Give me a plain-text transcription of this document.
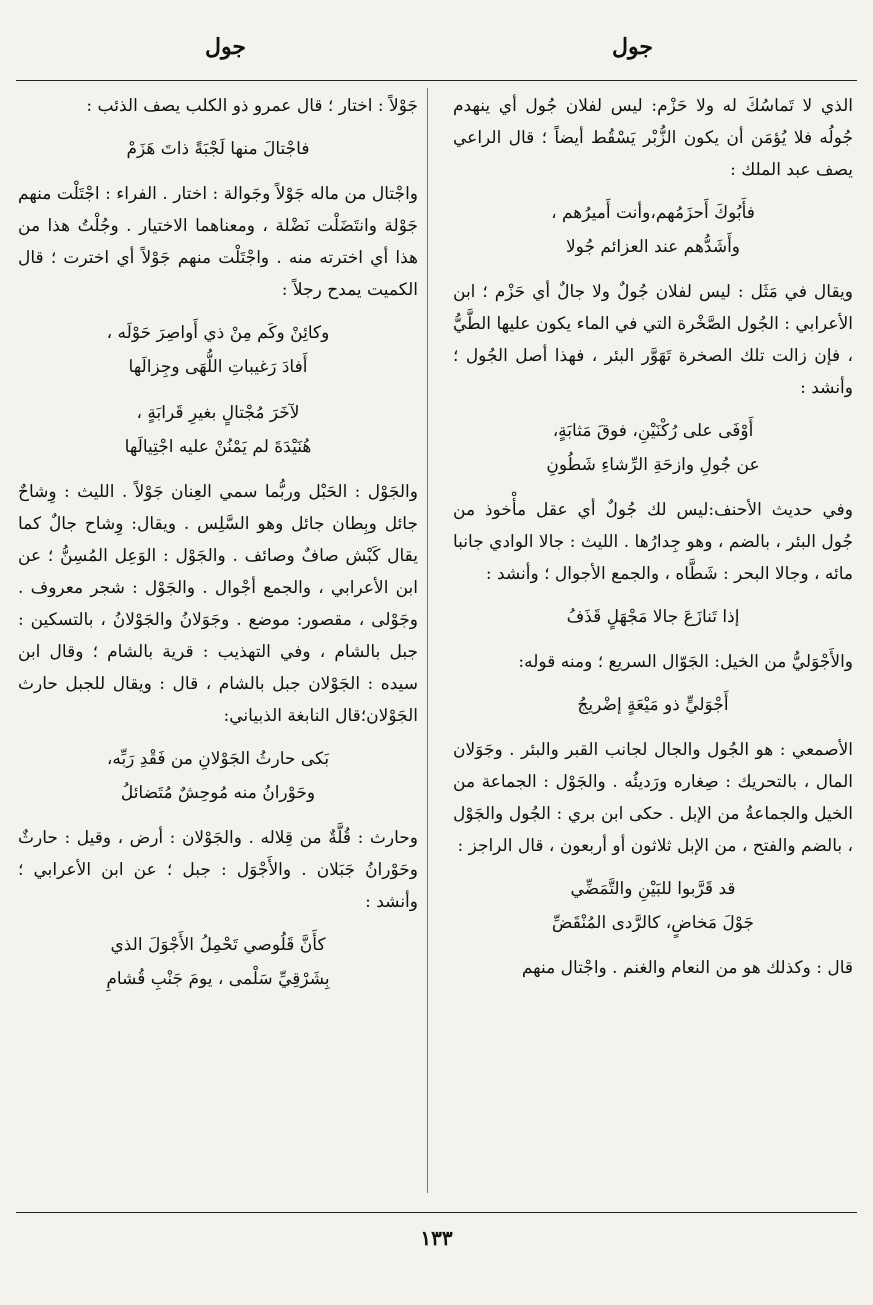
جول
جول

الذي لا تَماسُكَ له ولا حَزْم: ليس لفلان جُول أي ينهدم جُولُه فلا يُؤمَن أن يكون الزُّبْر يَسْقُط أيضاً ؛ قال الراعي يصف عبد الملك :

فأَبُوكَ أَحزَمُهم،وأنت أَميرُهم ،
وأَشَدُّهم عند العزائم جُولا

ويقال في مَثَل : ليس لفلان جُولٌ ولا جالٌ أي حَزْم ؛ ابن الأعرابي : الجُول الصَّخْرة التي في الماء يكون عليها الطَّيُّ ، فإن زالت تلك الصخرة تَهَوَّر البئر ، فهذا أصل الجُول ؛ وأنشد :

أَوْفَى على رُكْنَيْنِ، فوقَ مَثابَةٍ،
عن جُولِ وازحَةِ الرِّشاءِ شَطُونِ

وفي حديث الأحنف:ليس لك جُولٌ أي عقل مأْخوذ من جُول البئر ، بالضم ، وهو جِدارُها . الليث : جالا الوادي جانبا مائه ، وجالا البحر : شَطَّاه ، والجمع الأجوال ؛ وأنشد :

إذا تَنازَعَ جالا مَجْهَلٍ قَذَفُ

والأَجْوَليُّ من الخيل: الجَوّال السريع ؛ ومنه قوله:

أَجْوَليٍّ ذو مَيْعَةٍ إضْريجُ

الأصمعي : هو الجُول والجال لجانب القبر والبئر . وجَوَلان المال ، بالتحريك : صِغاره ورَديئُه . والجَوْل : الجماعة من الخيل والجماعةُ من الإبل . حكى ابن بري : الجُول والجَوْل ، بالضم والفتح ، من الإبل ثلاثون أو أربعون ، قال الراجز :

قد قَرَّبوا للبَيْنِ والتَّمَضِّي
جَوْلَ مَخاضٍ، كالرَّدى المُنْقَضِّ

قال : وكذلك هو من النعام والغنم . واجْتال منهم

جَوْلاً : اختار ؛ قال عمرو ذو الكلب يصف الذئب :

فاجْتالَ منها لَجْبَةً ذاتَ هَزَمْ

واجْتال من ماله جَوْلاً وجَوالة : اختار . الفراء : اجْتَلْت منهم جَوْلة وانتَضَلْت نَضْلة ، ومعناهما الاختيار . وجُلْتُ هذا من هذا أي اخترته منه . واجْتَلْت منهم جَوْلاً أي اخترت ؛ قال الكميت يمدح رجلاً :

وكائِنْ وكَم مِنْ ذي أَواصِرَ حَوْلَه ،
أَفادَ رَغيباتِ اللُّهَى وجِزالَها
لآخَرَ مُجْتالٍ بغيرِ قَرابَةٍ ،
هُنَيْدَةَ لم يَمْنُنْ عليه اجْتِيالَها

والجَوْل : الحَبْل وربُّما سمي العِنان جَوْلاً . الليث : وِشاحٌ جائل وبِطان جائل وهو السَّلِس . ويقال: وِشاح جالٌ كما يقال كَبْش صافٌ وصائف . والجَوْل : الوَعِل المُسِنُّ ؛ عن ابن الأعرابي ، والجمع أجْوال . والجَوْل : شجر معروف . وجَوْلى ، مقصور: موضع . وجَوَلانُ والجَوْلانُ ، بالتسكين : جبل بالشام ، وفي التهذيب : قرية بالشام ؛ وقال ابن سيده : الجَوْلان جبل بالشام ، قال : ويقال للجبل حارث الجَوْلان؛قال النابغة الذبياني:

بَكى حارثُ الجَوْلانِ من فَقْدِ رَبِّه،
وحَوْرانُ منه مُوحِشٌ مُتَضائلُ

وحارث : قُلَّةٌ من قِلاله . والجَوْلان : أرض ، وقيل : حارثٌ وحَوْرانُ جَبَلان . والأَجْوَل : جبل ؛ عن ابن الأعرابي ؛ وأنشد :

كأَنَّ قَلُوصي تَحْمِلُ الأَجْوَلَ الذي
بِشَرْقِيِّ سَلْمى ، يومَ جَنْبِ قُشامِ
١٣٣
